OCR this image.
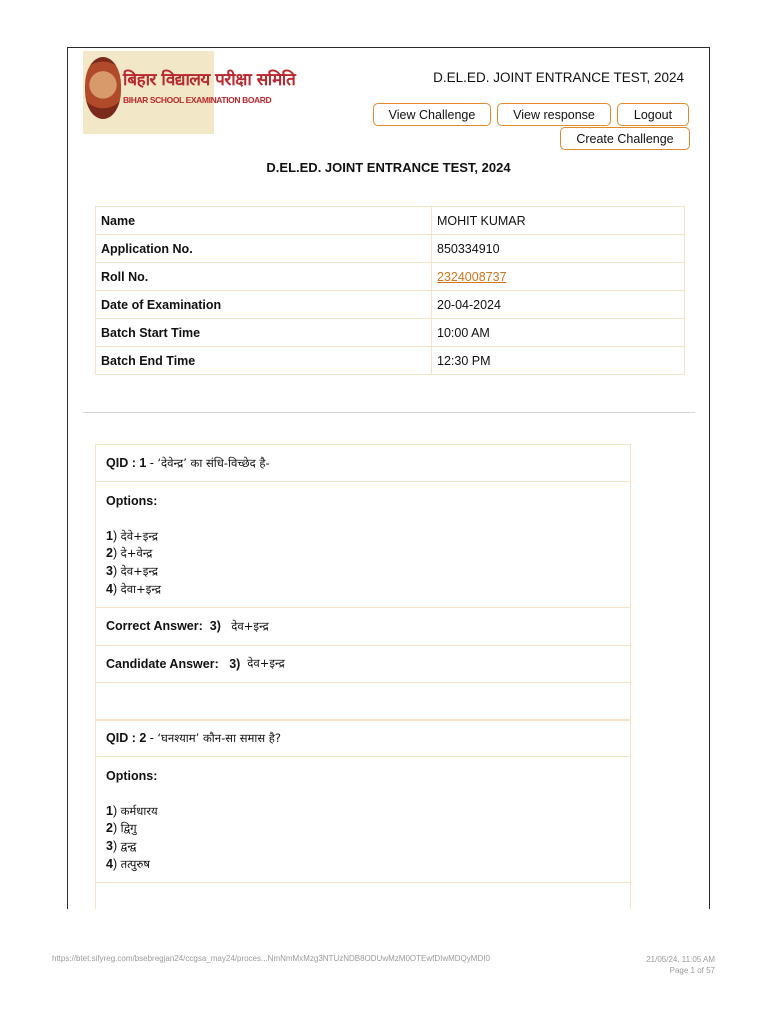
बिहार विद्यालय परीक्षा समिति
BIHAR SCHOOL EXAMINATION BOARD
D.EL.ED. JOINT ENTRANCE TEST, 2024
View Challenge	View response	Logout
Create Challenge
D.EL.ED. JOINT ENTRANCE TEST, 2024
Name	MOHIT KUMAR
Application No.	850334910
Roll No.	2324008737
Date of Examination	20-04-2024
Batch Start Time	10:00 AM
Batch End Time	12:30 PM
QID :
1 - ‘देवेन्द्र’ का संधि-विच्छेद है-
Options:
1) देवे+इन्द्र
2) दे+वेन्द्र
3) देव+इन्द्र
4) देवा+इन्द्र
Correct Answer:
3)
देव+इन्द्र
Candidate Answer:
3)
देव+इन्द्र
QID :
2 - ‘घनश्याम’ कौन-सा समास है?
Options:
1) कर्मधारय
2) द्विगु
3) द्वन्द्व
4) तत्पुरुष
https://btet.sifyreg.com/bsebregjan24/ccgsa_may24/proces...NmNmMxMzg3NTUzNDB8ODUwMzM0OTEwfDIwMDQyMDI0	21/05/24, 11:05 AM
Page 1 of 57
